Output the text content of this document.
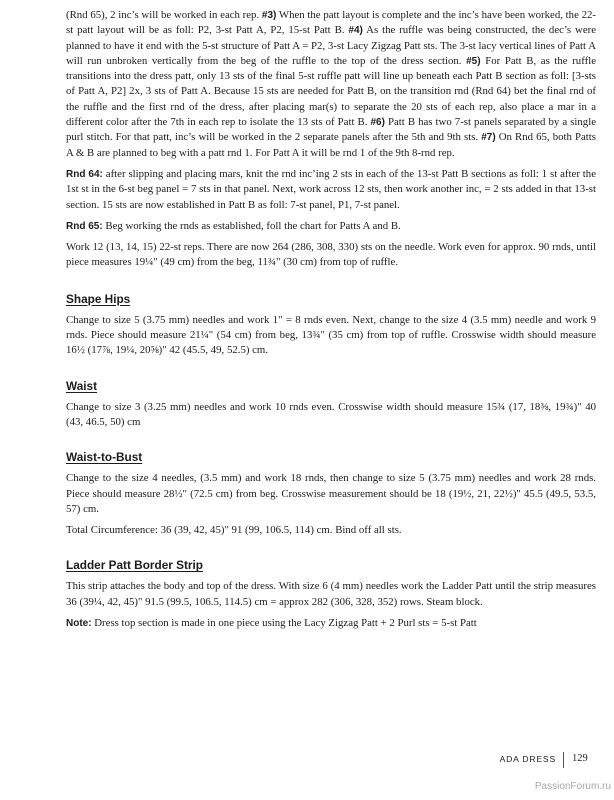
(Rnd 65), 2 inc’s will be worked in each rep. #3) When the patt layout is complete and the inc’s have been worked, the 22-st patt layout will be as foll: P2, 3-st Patt A, P2, 15-st Patt B. #4) As the ruffle was being constructed, the dec’s were planned to have it end with the 5-st structure of Patt A = P2, 3-st Lacy Zigzag Patt sts. The 3-st lacy vertical lines of Patt A will run unbroken vertically from the beg of the ruffle to the top of the dress section. #5) For Patt B, as the ruffle transitions into the dress patt, only 13 sts of the final 5-st ruffle patt will line up beneath each Patt B section as foll: [3-sts of Patt A, P2] 2x, 3 sts of Patt A. Because 15 sts are needed for Patt B, on the transition rnd (Rnd 64) bet the final rnd of the ruffle and the first rnd of the dress, after placing mar(s) to separate the 20 sts of each rep, also place a mar in a different color after the 7th in each rep to isolate the 13 sts of Patt B. #6) Patt B has two 7-st panels separated by a single purl stitch. For that patt, inc’s will be worked in the 2 separate panels after the 5th and 9th sts. #7) On Rnd 65, both Patts A & B are planned to beg with a patt rnd 1. For Patt A it will be rnd 1 of the 9th 8-rnd rep.

Rnd 64: after slipping and placing mars, knit the rnd inc’ing 2 sts in each of the 13-st Patt B sections as foll: 1 st after the 1st st in the 6-st beg panel = 7 sts in that panel. Next, work across 12 sts, then work another inc, = 2 sts added in that 13-st section. 15 sts are now established in Patt B as foll: 7-st panel, P1, 7-st panel.

Rnd 65: Beg working the rnds as established, foll the chart for Patts A and B.

Work 12 (13, 14, 15) 22-st reps. There are now 264 (286, 308, 330) sts on the needle. Work even for approx. 90 rnds, until piece measures 19¼" (49 cm) from the beg, 11¾" (30 cm) from top of ruffle.

Shape Hips

Change to size 5 (3.75 mm) needles and work 1" = 8 rnds even. Next, change to the size 4 (3.5 mm) needle and work 9 rnds. Piece should measure 21¼" (54 cm) from beg, 13¾" (35 cm) from top of ruffle. Crosswise width should measure 16½ (17⅞, 19¼, 20⅝)" 42 (45.5, 49, 52.5) cm.

Waist

Change to size 3 (3.25 mm) needles and work 10 rnds even. Crosswise width should measure 15¾ (17, 18⅜, 19¾)" 40 (43, 46.5, 50) cm

Waist-to-Bust

Change to the size 4 needles, (3.5 mm) and work 18 rnds, then change to size 5 (3.75 mm) needles and work 28 rnds. Piece should measure 28½" (72.5 cm) from beg. Crosswise measurement should be 18 (19½, 21, 22½)" 45.5 (49.5, 53.5, 57) cm.

Total Circumference: 36 (39, 42, 45)" 91 (99, 106.5, 114) cm. Bind off all sts.

Ladder Patt Border Strip

This strip attaches the body and top of the dress. With size 6 (4 mm) needles work the Ladder Patt until the strip measures 36 (39¼, 42, 45)" 91.5 (99.5, 106.5, 114.5) cm = approx 282 (306, 328, 352) rows. Steam block.

Note: Dress top section is made in one piece using the Lacy Zigzag Patt + 2 Purl sts = 5-st Patt

ADA DRESS 129
PassionForum.ru
